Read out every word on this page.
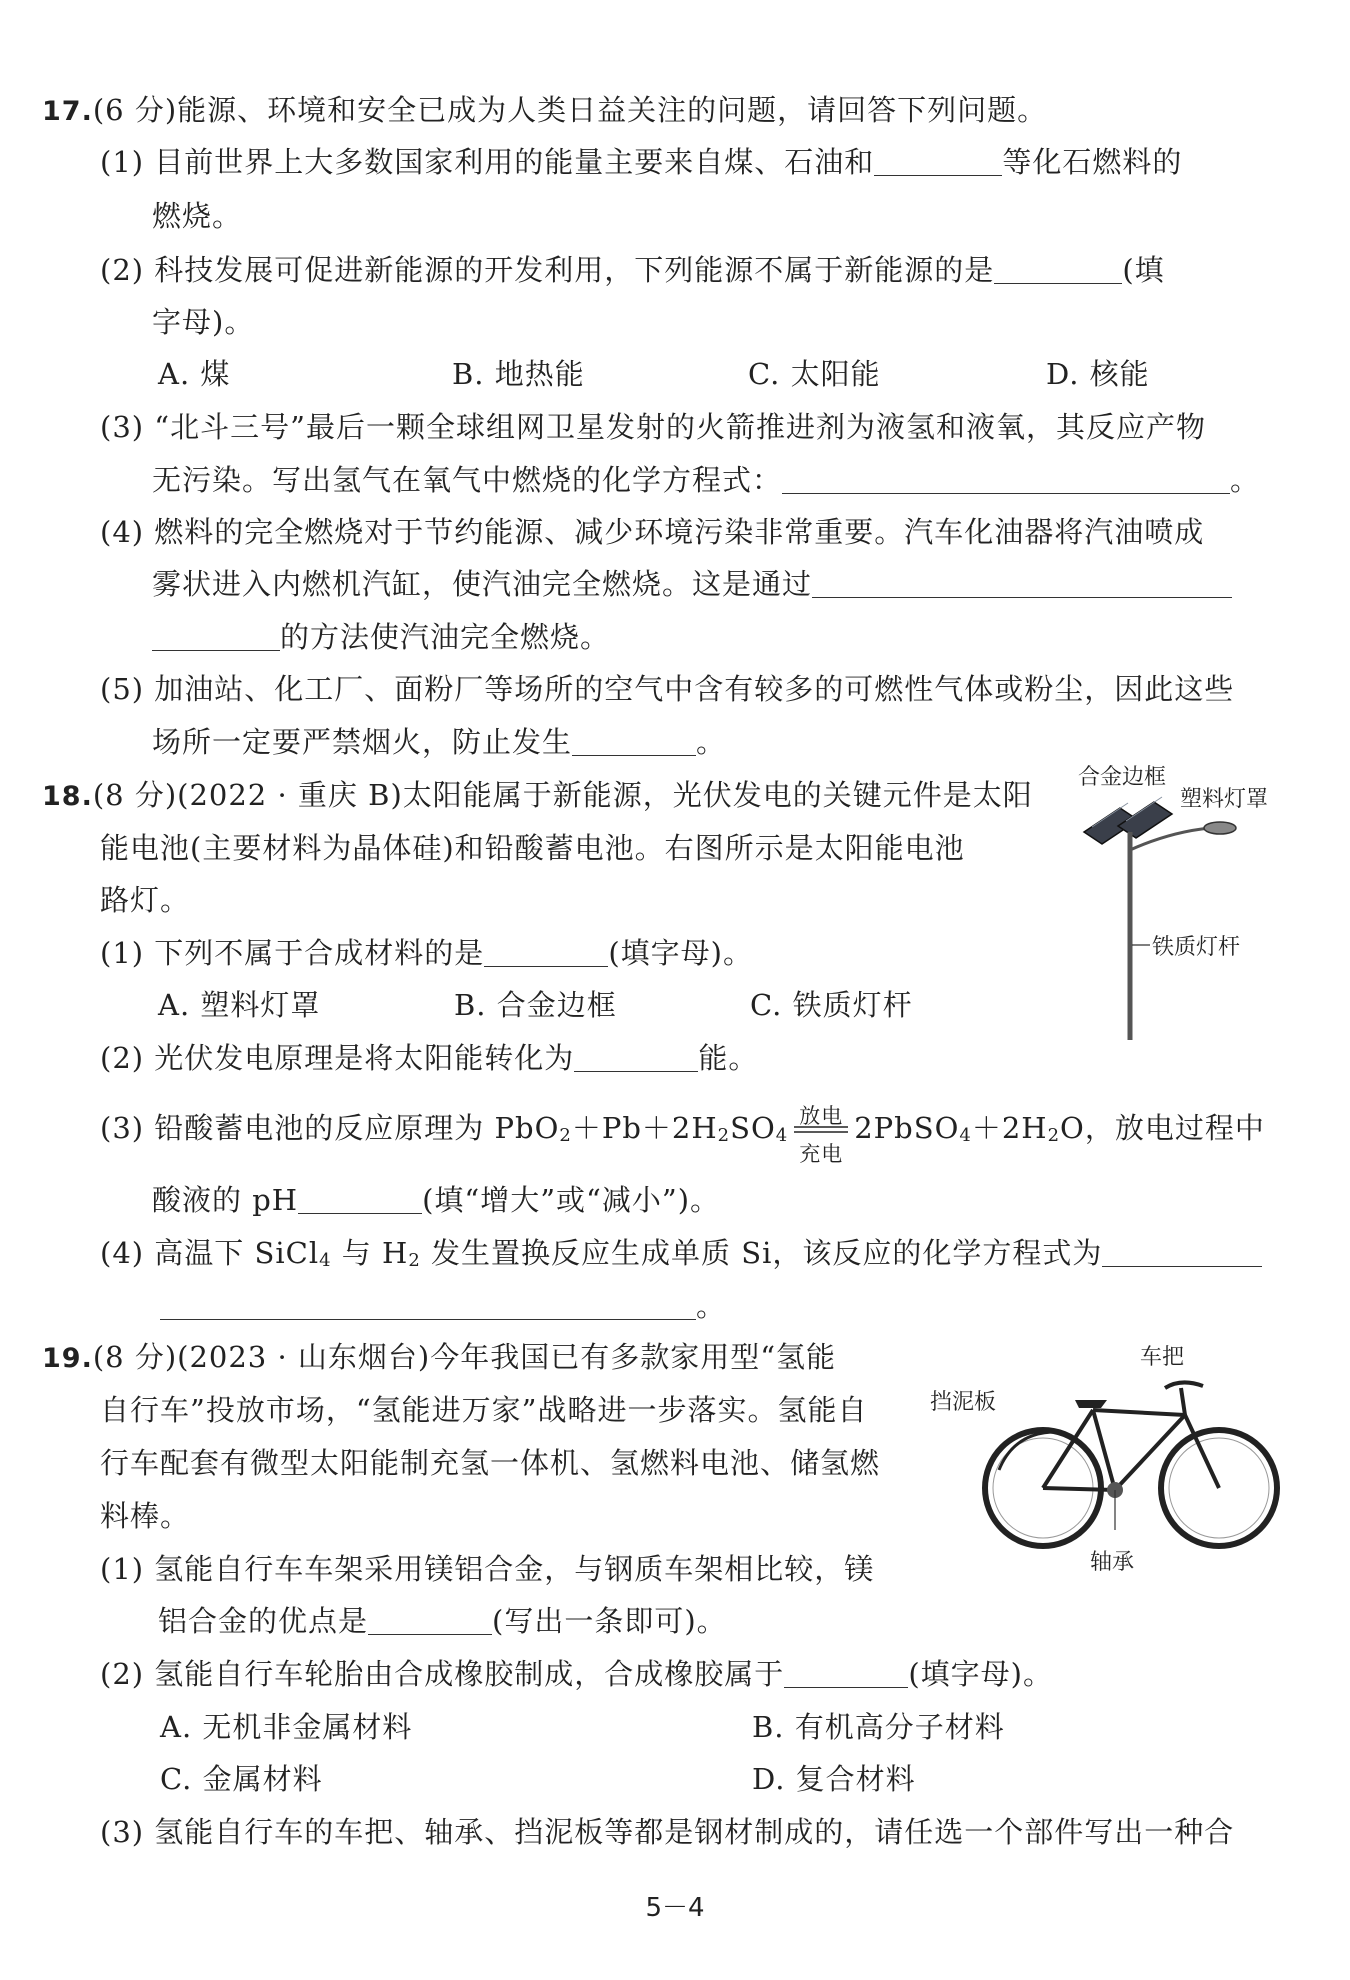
17.(6 分)能源、环境和安全已成为人类日益关注的问题，请回答下列问题。
(1) 目前世界上大多数国家利用的能量主要来自煤、石油和	等化石燃料的
燃烧。
(2) 科技发展可促进新能源的开发利用，下列能源不属于新能源的是	(填
字母)。
A. 煤	B. 地热能	C. 太阳能	D. 核能
(3) “北斗三号”最后一颗全球组网卫星发射的火箭推进剂为液氢和液氧，其反应产物
无污染。写出氢气在氧气中燃烧的化学方程式：	。
(4) 燃料的完全燃烧对于节约能源、减少环境污染非常重要。汽车化油器将汽油喷成
雾状进入内燃机汽缸，使汽油完全燃烧。这是通过
的方法使汽油完全燃烧。
(5) 加油站、化工厂、面粉厂等场所的空气中含有较多的可燃性气体或粉尘，因此这些
场所一定要严禁烟火，防止发生	。
18.(8 分)(2022 · 重庆 B)太阳能属于新能源，光伏发电的关键元件是太阳
能电池(主要材料为晶体硅)和铅酸蓄电池。右图所示是太阳能电池
路灯。
(1) 下列不属于合成材料的是	(填字母)。
A. 塑料灯罩	B. 合金边框	C. 铁质灯杆
(2) 光伏发电原理是将太阳能转化为	能。
(3) 铅酸蓄电池的反应原理为 PbO2＋Pb＋2H2SO4
放电
充电
2PbSO4＋2H2O，放电过程中
酸液的 pH	(填“增大”或“减小”)。
(4) 高温下 SiCl4 与 H2 发生置换反应生成单质 Si，该反应的化学方程式为
。
合金边框
塑料灯罩
铁质灯杆
19.(8 分)(2023 · 山东烟台)今年我国已有多款家用型“氢能
自行车”投放市场，“氢能进万家”战略进一步落实。氢能自
行车配套有微型太阳能制充氢一体机、氢燃料电池、储氢燃
料棒。
(1) 氢能自行车车架采用镁铝合金，与钢质车架相比较，镁
铝合金的优点是	(写出一条即可)。
(2) 氢能自行车轮胎由合成橡胶制成，合成橡胶属于	(填字母)。
A. 无机非金属材料	B. 有机高分子材料
C. 金属材料	D. 复合材料
(3) 氢能自行车的车把、轴承、挡泥板等都是钢材制成的，请任选一个部件写出一种合
车把
挡泥板
轴承
5－4
